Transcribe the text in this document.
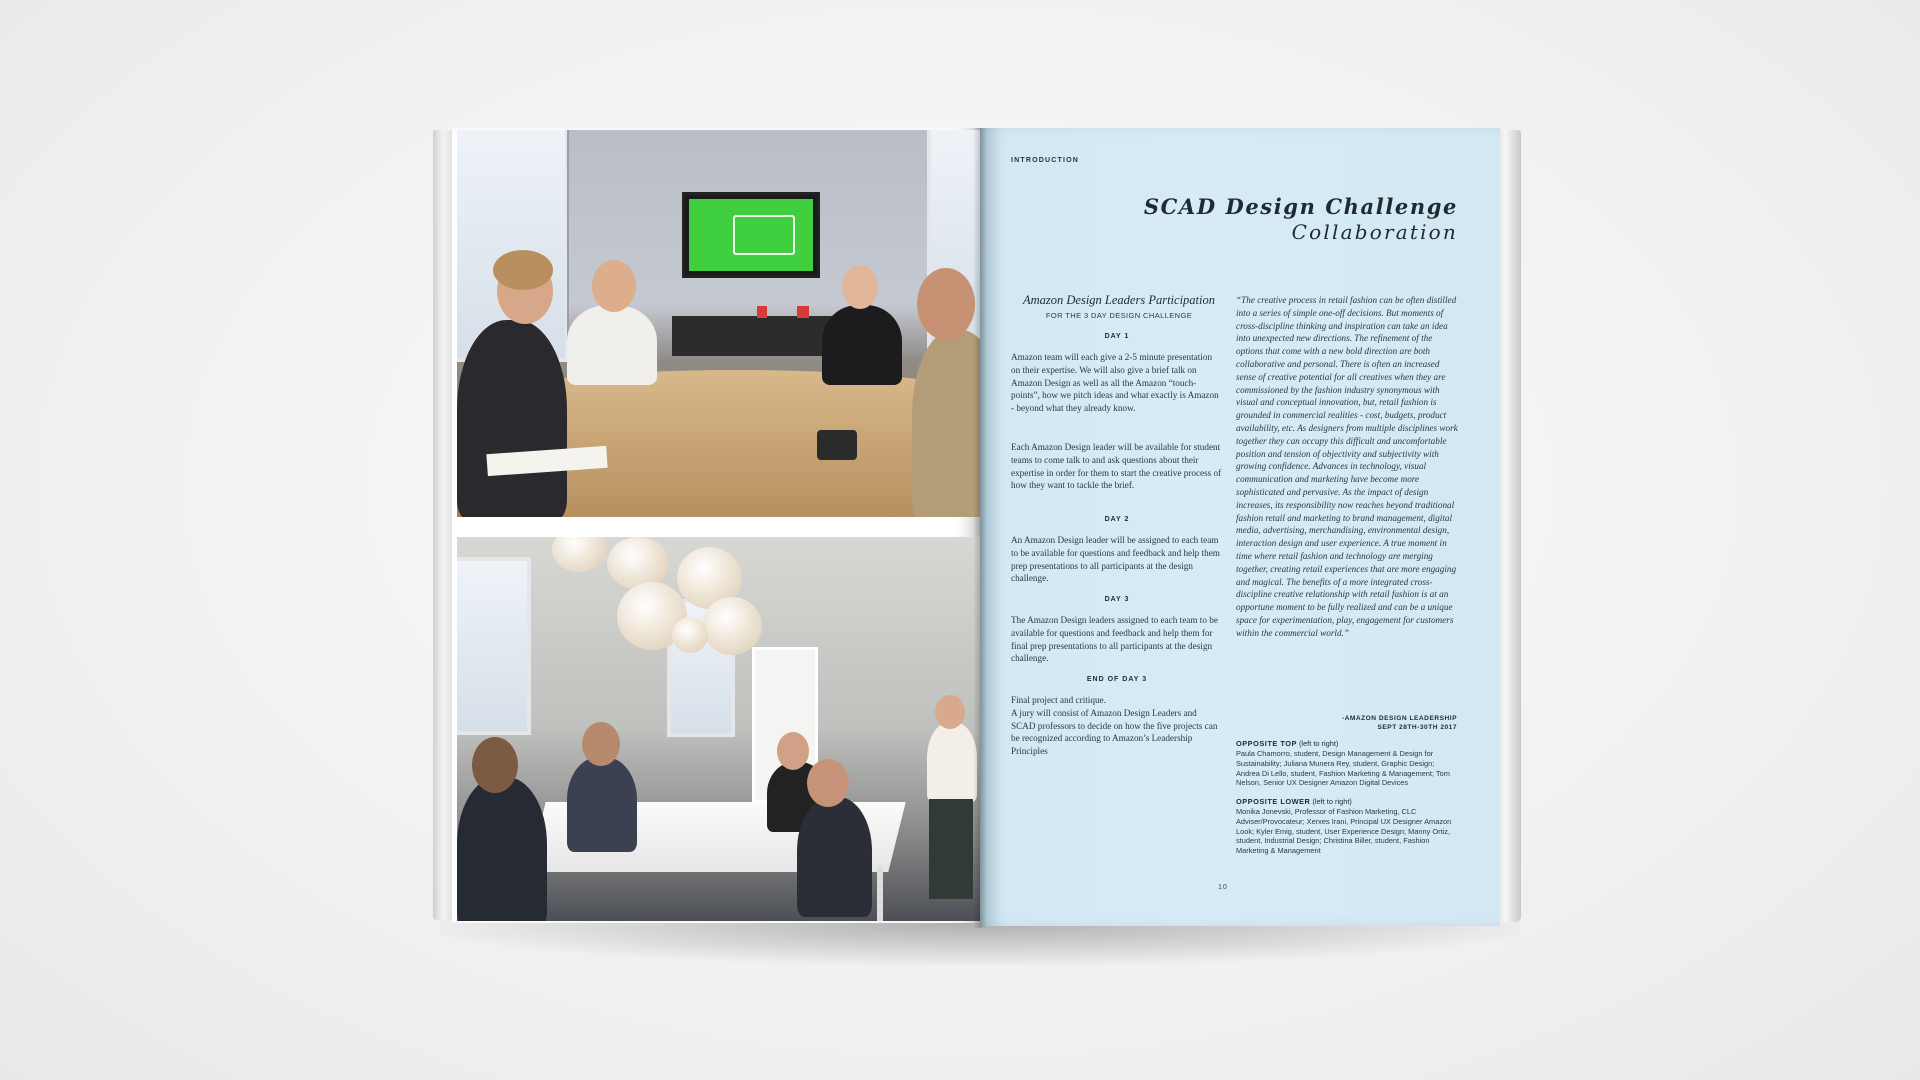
INTRODUCTION
SCAD Design Challenge
Collaboration
Amazon Design Leaders Participation
FOR THE 3 DAY DESIGN CHALLENGE
DAY 1
Amazon team will each give a 2-5 minute presentation on their expertise. We will also give a brief talk on Amazon Design as well as all the Amazon “touch-points”, how we pitch ideas and what exactly is Amazon - beyond what they already know.
Each Amazon Design leader will be available for student teams to come talk to and ask questions about their expertise in order for them to start the creative process of how they want to tackle the brief.
DAY 2
An Amazon Design leader will be assigned to each team to be available for questions and feedback and help them prep presentations to all participants at the design challenge.
DAY 3
The Amazon Design leaders assigned to each team to be available for questions and feedback and help them for final prep presentations to all participants at the design challenge.
END OF DAY 3
Final project and critique.
A jury will consist of Amazon Design Leaders and SCAD professors to decide on how the five projects can be recognized according to Amazon’s Leadership Principles
“The creative process in retail fashion can be often distilled into a series of simple one-off decisions. But moments of cross-discipline thinking and inspiration can take an idea into unexpected new directions. The refinement of the options that come with a new bold direction are both collaborative and personal. There is often an increased sense of creative potential for all creatives when they are commissioned by the fashion industry synonymous with visual and conceptual innovation, but, retail fashion is grounded in commercial realities - cost, budgets, product availability, etc. As designers from multiple disciplines work together they can occupy this difficult and uncomfortable position and tension of objectivity and subjectivity with growing confidence. Advances in technology, visual communication and marketing have become more sophisticated and pervasive. As the impact of design increases, its responsibility now reaches beyond traditional fashion retail and marketing to brand management, digital media, advertising, merchandising, environmental design, interaction design and user experience. A true moment in time where retail fashion and technology are merging together, creating retail experiences that are more engaging and magical. The benefits of a more integrated cross-discipline creative relationship with retail fashion is at an opportune moment to be fully realized and can be a unique space for experimentation, play, engagement for customers within the commercial world.”
-AMAZON DESIGN LEADERSHIP
SEPT 28TH-30TH 2017
OPPOSITE TOP (left to right)
Paula Chamorro, student, Design Management & Design for Sustainability; Juliana Munera Rey, student, Graphic Design; Andrea Di Lello, student, Fashion Marketing & Management; Tom Nelson, Senior UX Designer Amazon Digital Devices
OPPOSITE LOWER (left to right)
Monika Jonevski, Professor of Fashion Marketing, CLC Adviser/Provocateur; Xerxes Irani, Principal UX Designer Amazon Look; Kyler Emig, student, User Experience Design; Manny Ortiz, student, Industrial Design; Christina Biller, student, Fashion Marketing & Management
10
